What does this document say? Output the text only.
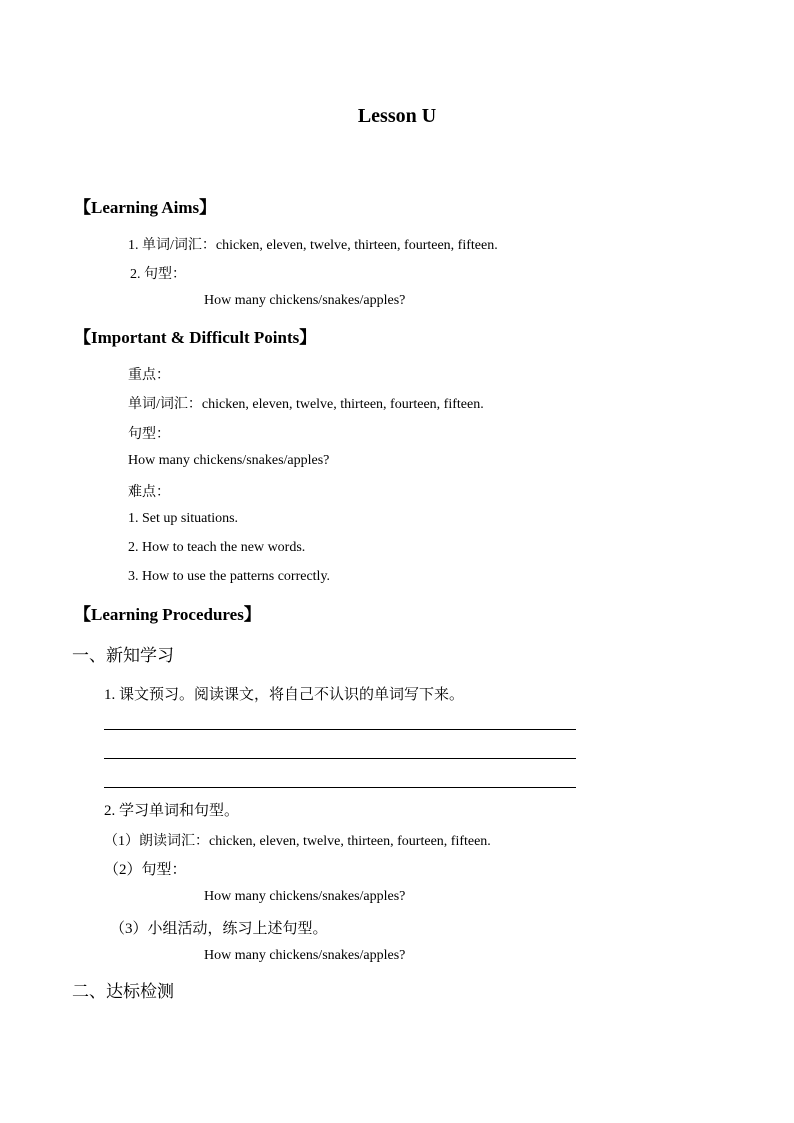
Lesson U
【Learning Aims】
1. 单词/词汇：chicken, eleven, twelve, thirteen, fourteen, fifteen.
2. 句型：
How many chickens/snakes/apples?
【Important & Difficult Points】
重点：
单词/词汇：chicken, eleven, twelve, thirteen, fourteen, fifteen.
句型：
How many chickens/snakes/apples?
难点：
1. Set up situations.
2. How to teach the new words.
3. How to use the patterns correctly.
【Learning Procedures】
一、新知学习
1. 课文预习。阅读课文，将自己不认识的单词写下来。
2. 学习单词和句型。
（1）朗读词汇：chicken, eleven, twelve, thirteen, fourteen, fifteen.
（2）句型：
How many chickens/snakes/apples?
（3）小组活动，练习上述句型。
How many chickens/snakes/apples?
二、达标检测
